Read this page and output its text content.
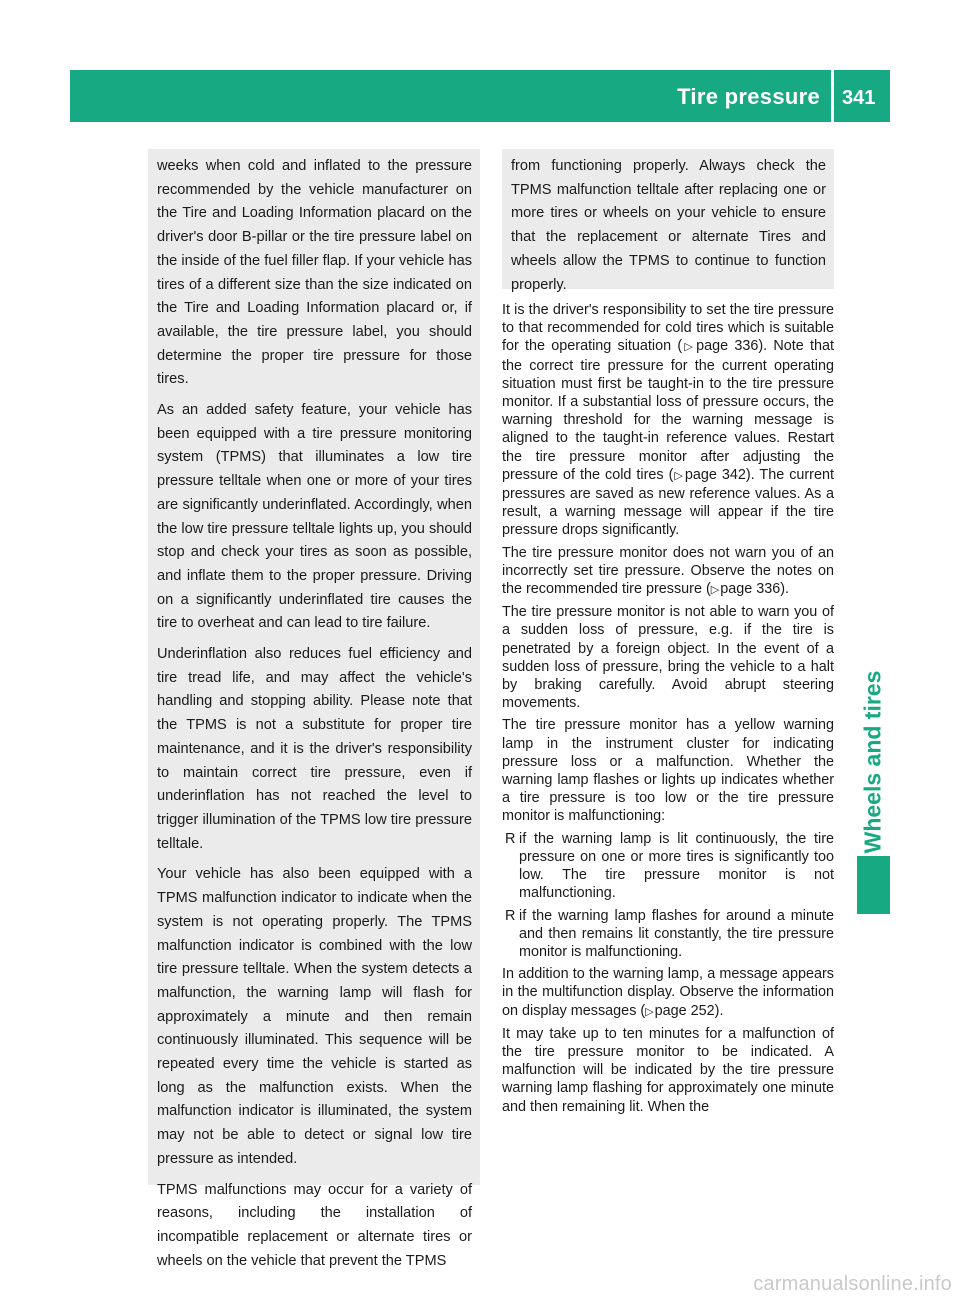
Tire pressure 341
Wheels and tires

weeks when cold and inflated to the pressure recommended by the vehicle manufacturer on the Tire and Loading Information placard on the driver's door B-pillar or the tire pressure label on the inside of the fuel filler flap. If your vehicle has tires of a different size than the size indicated on the Tire and Loading Information placard or, if available, the tire pressure label, you should determine the proper tire pressure for those tires.

As an added safety feature, your vehicle has been equipped with a tire pressure monitoring system (TPMS) that illuminates a low tire pressure telltale when one or more of your tires are significantly underinflated. Accordingly, when the low tire pressure telltale lights up, you should stop and check your tires as soon as possible, and inflate them to the proper pressure. Driving on a significantly underinflated tire causes the tire to overheat and can lead to tire failure.

Underinflation also reduces fuel efficiency and tire tread life, and may affect the vehicle's handling and stopping ability. Please note that the TPMS is not a substitute for proper tire maintenance, and it is the driver's responsibility to maintain correct tire pressure, even if underinflation has not reached the level to trigger illumination of the TPMS low tire pressure telltale.

Your vehicle has also been equipped with a TPMS malfunction indicator to indicate when the system is not operating properly. The TPMS malfunction indicator is combined with the low tire pressure telltale. When the system detects a malfunction, the warning lamp will flash for approximately a minute and then remain continuously illuminated. This sequence will be repeated every time the vehicle is started as long as the malfunction exists. When the malfunction indicator is illuminated, the system may not be able to detect or signal low tire pressure as intended.

TPMS malfunctions may occur for a variety of reasons, including the installation of incompatible replacement or alternate tires or wheels on the vehicle that prevent the TPMS

from functioning properly. Always check the TPMS malfunction telltale after replacing one or more tires or wheels on your vehicle to ensure that the replacement or alternate Tires and wheels allow the TPMS to continue to function properly.

It is the driver's responsibility to set the tire pressure to that recommended for cold tires which is suitable for the operating situation (▷page 336). Note that the correct tire pressure for the current operating situation must first be taught-in to the tire pressure monitor. If a substantial loss of pressure occurs, the warning threshold for the warning message is aligned to the taught-in reference values. Restart the tire pressure monitor after adjusting the pressure of the cold tires (▷page 342). The current pressures are saved as new reference values. As a result, a warning message will appear if the tire pressure drops significantly.

The tire pressure monitor does not warn you of an incorrectly set tire pressure. Observe the notes on the recommended tire pressure (▷page 336).

The tire pressure monitor is not able to warn you of a sudden loss of pressure, e.g. if the tire is penetrated by a foreign object. In the event of a sudden loss of pressure, bring the vehicle to a halt by braking carefully. Avoid abrupt steering movements.

The tire pressure monitor has a yellow warning lamp in the instrument cluster for indicating pressure loss or a malfunction. Whether the warning lamp flashes or lights up indicates whether a tire pressure is too low or the tire pressure monitor is malfunctioning:

R if the warning lamp is lit continuously, the tire pressure on one or more tires is significantly too low. The tire pressure monitor is not malfunctioning.

R if the warning lamp flashes for around a minute and then remains lit constantly, the tire pressure monitor is malfunctioning.

In addition to the warning lamp, a message appears in the multifunction display. Observe the information on display messages (▷page 252).

It may take up to ten minutes for a malfunction of the tire pressure monitor to be indicated. A malfunction will be indicated by the tire pressure warning lamp flashing for approximately one minute and then remaining lit. When the

carmanualsonline.info
